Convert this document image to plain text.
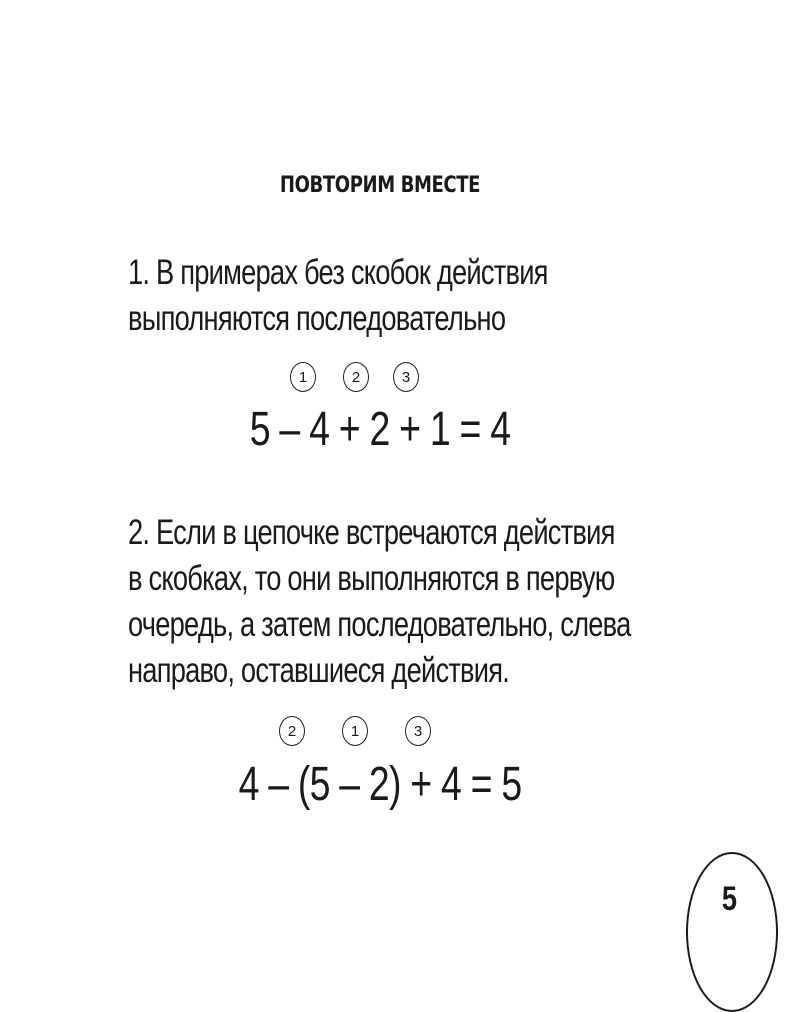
ПОВТОРИМ ВМЕСТЕ

1. В примерах без скобок действия
выполняются последовательно

1	2	3
5 – 4 + 2 + 1 = 4

2. Если в цепочке встречаются действия
в скобках, то они выполняются в первую
очередь, а затем последовательно, слева
направо, оставшиеся действия.

2	1	3
4 – (5 – 2) + 4 = 5
5
